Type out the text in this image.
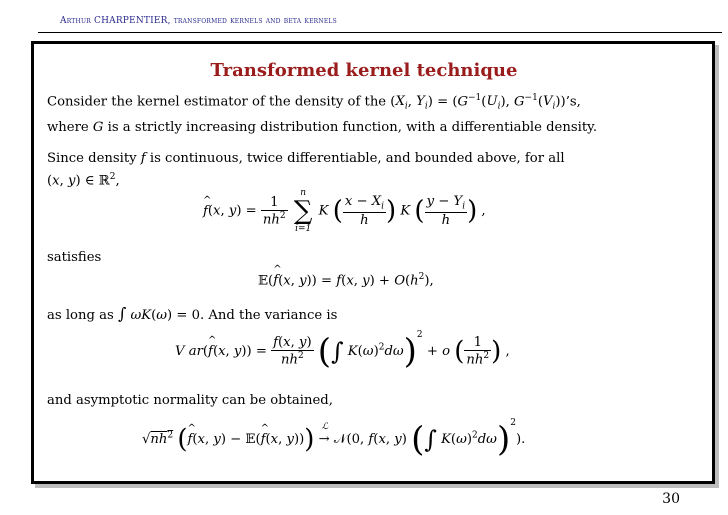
Arthur CHARPENTIER, transformed kernels and beta kernels
Transformed kernel technique
Consider the kernel estimator of the density of the ($X_i$, $Y_i) = (G^{-1}(U_i)$, $G^{-1}(V_i))’s$,
where G is a strictly increasing distribution function, with a differentiable density.
Since density f is continuous, twice differentiable, and bounded above, for all
(x, y) ∈ ℝ$^2$,
^ f(x, $y) = \frac{1}{nh^2}$

n
∑
i=1
K ( $\frac{x - X_i}{h}$ ) K ( $\frac{y - Y_i}{h}$ ) ,
satisfies
𝔼(^ f(x, y)) = f(x, $y) + O(h^2)$,
as long as ∫ ωK(ω) = 0. And the variance is
V ar(^ f(x, $y)) = \frac{f(x, y)}{nh^2}$ (∫ $K(\omega)^2d\omega)^2 + o$ ( $\frac{1}{nh^2}$ ) ,
and asymptotic normality can be obtained,
$√nh^2$ (^ f(x, y) − 𝔼(^ f(x, y))) ℒ
→ 𝒩(0, f(x, y) (∫ $K(\omega)^2d\omega)^2$).
30
